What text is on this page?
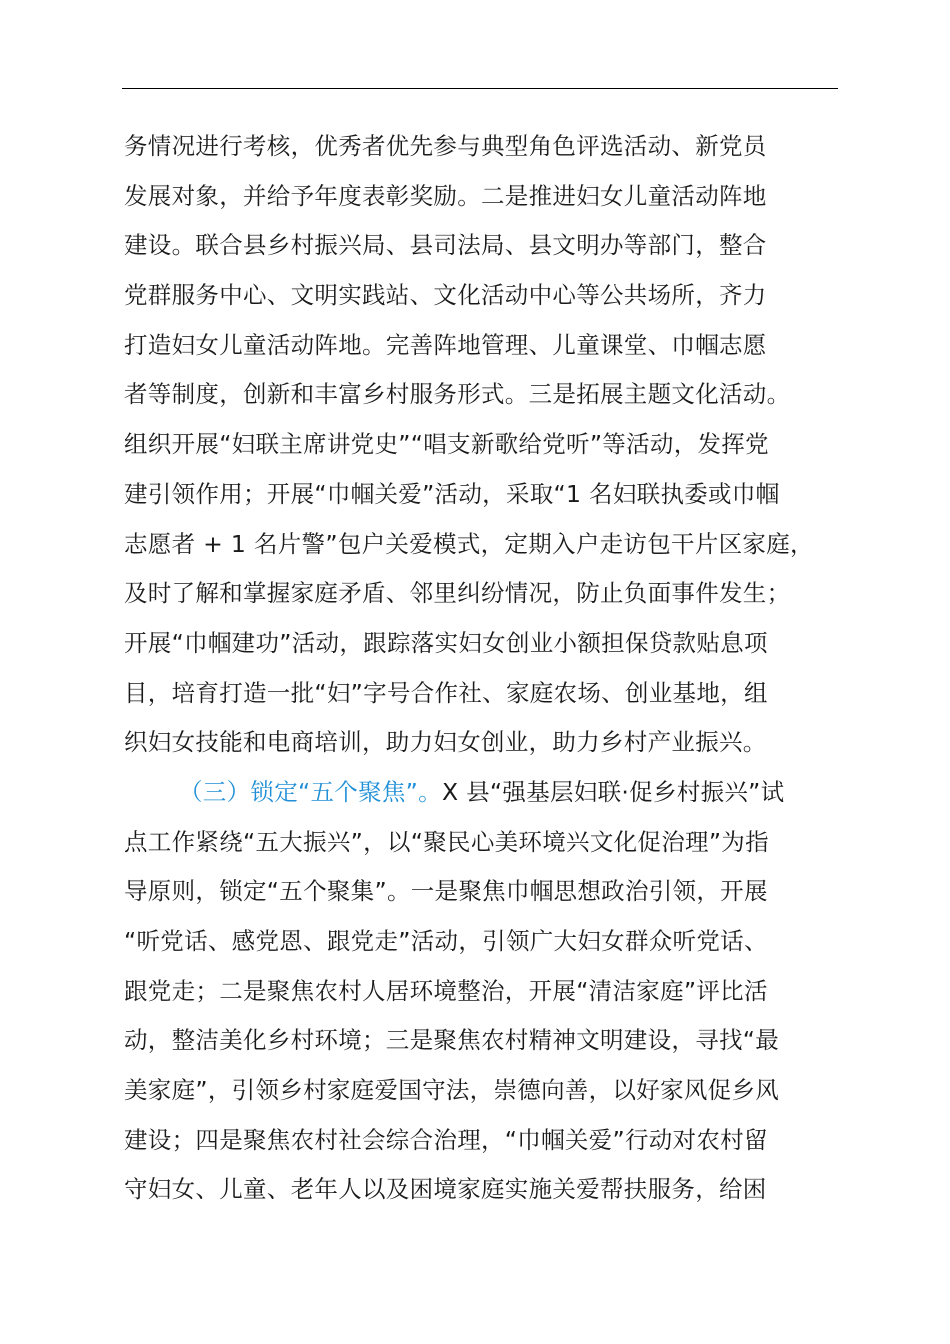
务情况进行考核，优秀者优先参与典型角色评选活动、新党员
发展对象，并给予年度表彰奖励。二是推进妇女儿童活动阵地
建设。联合县乡村振兴局、县司法局、县文明办等部门，整合
党群服务中心、文明实践站、文化活动中心等公共场所，齐力
打造妇女儿童活动阵地。完善阵地管理、儿童课堂、巾帼志愿
者等制度，创新和丰富乡村服务形式。三是拓展主题文化活动。
组织开展“妇联主席讲党史”“唱支新歌给党听”等活动，发挥党
建引领作用；开展“巾帼关爱”活动，采取“1 名妇联执委或巾帼
志愿者 + 1 名片警”包户关爱模式，定期入户走访包干片区家庭，
及时了解和掌握家庭矛盾、邻里纠纷情况，防止负面事件发生；
开展“巾帼建功”活动，跟踪落实妇女创业小额担保贷款贴息项
目，培育打造一批“妇”字号合作社、家庭农场、创业基地，组
织妇女技能和电商培训，助力妇女创业，助力乡村产业振兴。
（三）锁定“五个聚焦”。X 县“强基层妇联·促乡村振兴”试
点工作紧绕“五大振兴”，以“聚民心美环境兴文化促治理”为指
导原则，锁定“五个聚集”。一是聚焦巾帼思想政治引领，开展
“听党话、感党恩、跟党走”活动，引领广大妇女群众听党话、
跟党走；二是聚焦农村人居环境整治，开展“清洁家庭”评比活
动，整洁美化乡村环境；三是聚焦农村精神文明建设，寻找“最
美家庭”，引领乡村家庭爱国守法，崇德向善，以好家风促乡风
建设；四是聚焦农村社会综合治理，“巾帼关爱”行动对农村留
守妇女、儿童、老年人以及困境家庭实施关爱帮扶服务，给困
